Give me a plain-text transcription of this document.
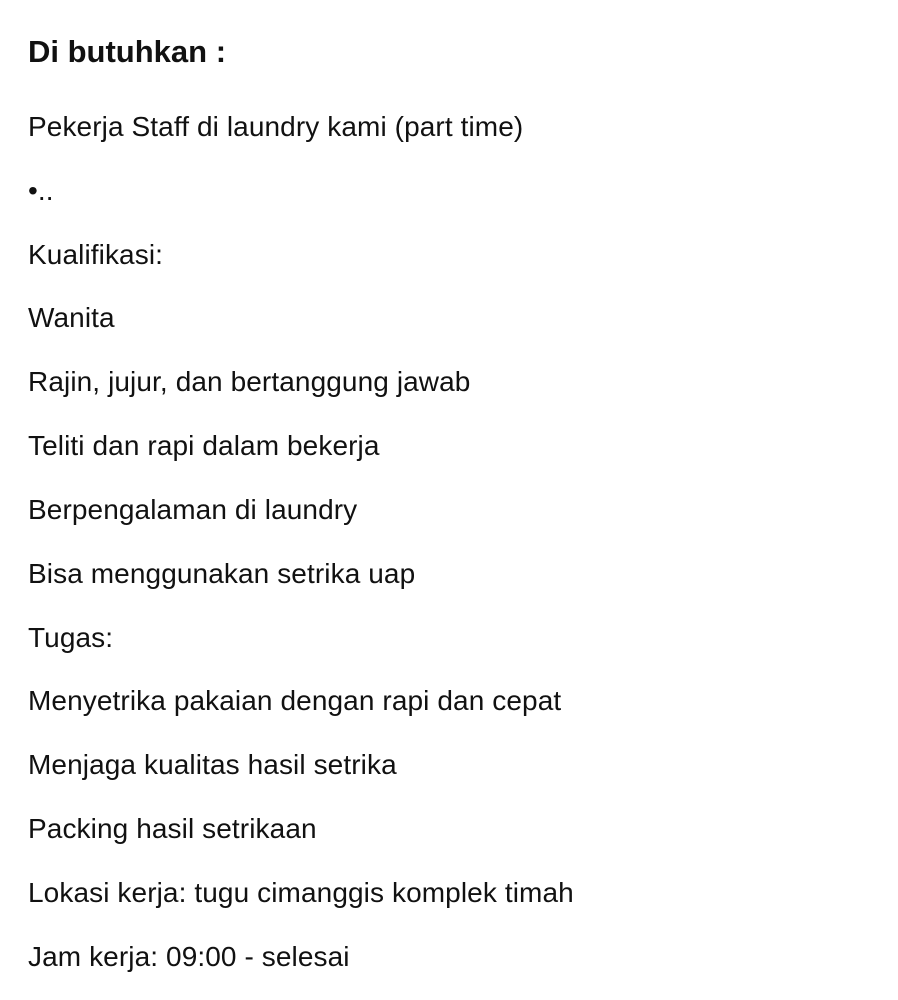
Di butuhkan :

Pekerja Staff di laundry kami (part time)

•..

Kualifikasi:

Wanita

Rajin, jujur, dan bertanggung jawab

Teliti dan rapi dalam bekerja

Berpengalaman di laundry

Bisa menggunakan setrika uap

Tugas:

Menyetrika pakaian dengan rapi dan cepat

Menjaga kualitas hasil setrika

Packing hasil setrikaan

Lokasi kerja: tugu cimanggis komplek timah

Jam kerja: 09:00 - selesai
